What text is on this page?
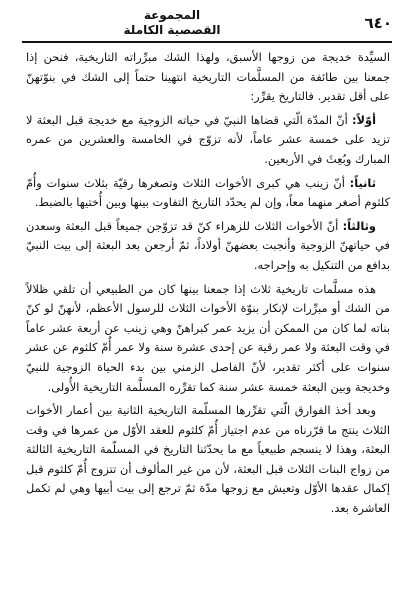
٦٤٠
المجموعة
القصصية الكاملة

السيِّدة خديجة من زوجها الأسبق، ولهذا الشك مبرِّراته التاريخية، فنحن إذا جمعنا بين طائفة من المسلَّمات التاريخية انتهينا حتماً إلى الشك في بنوّتهنّ على أقل تقدير. فالتاريخ يقرِّر:

أوّلاً: أنّ المدّة الّتي قضاها النبيّ في حياته الزوجية مع خديجة قبل البعثة لا تزيد على خمسة عشر عاماً، لأنه تزوّج في الخامسة والعشرين من عمره المبارك وبُعِثَ في الأربعين.

ثانياً: أنّ زينب هي كبرى الأخوات الثلاث وتصغرها رقيّة بثلاث سنوات وأُمّ كلثوم أصغر منهما معاً، وإن لم يحدّد التاريخ التفاوت بينها وبين أُختيها بالضبط.

وثالثاً: أنّ الأخوات الثلاث للزهراء كنّ قد تزوّجن جميعاً قبل البعثة وسعدن في حياتهنّ الزوجية وأنجبت بعضهنّ أولاداً، ثمّ أرجعن بعد البعثة إلى بيت النبيّ بدافع من التنكيل به وإحراجه.

هذه مسلَّمات تاريخية ثلاث إذا جمعنا بينها كان من الطبيعي أن تلقي ظلالاً من الشك أو مبرِّرات لإنكار بنوّة الأخوات الثلاث للرسول الأعظم، لأنهنّ لو كنّ بناته لما كان من الممكن أن يزيد عمر كبراهنّ وهي زينب عن أربعة عشر عاماً في وقت البعثة ولا عمر رقية عن إحدى عشرة سنة ولا عمر أُمّ كلثوم عن عشر سنوات على أكثر تقدير، لأنّ الفاصل الزمني بين بدء الحياة الزوجية للنبيّ وخديجة وبين البعثة خمسة عشر سنة كما تقرِّره المسلَّمة التاريخية الأُولى.

وبعد أخذ الفوارق الّتي تقرِّرها المسلّمة التاريخية الثانية بين أعمار الأخوات الثلاث ينتج ما قرّرناه من عدم اجتياز أُمّ كلثوم للعقد الأوّل من عمرها في وقت البعثة، وهذا لا ينسجم طبيعياً مع ما يحدّثنا التاريخ في المسلّمة التاريخية الثالثة من زواج البنات الثلاث قبل البعثة، لأن من غير المألوف أن تتزوج أُمّ كلثوم قبل إكمال عقدها الأوّل وتعيش مع زوجها مدّة ثمّ ترجع إلى بيت أبيها وهي لم تكمل العاشرة بعد.
